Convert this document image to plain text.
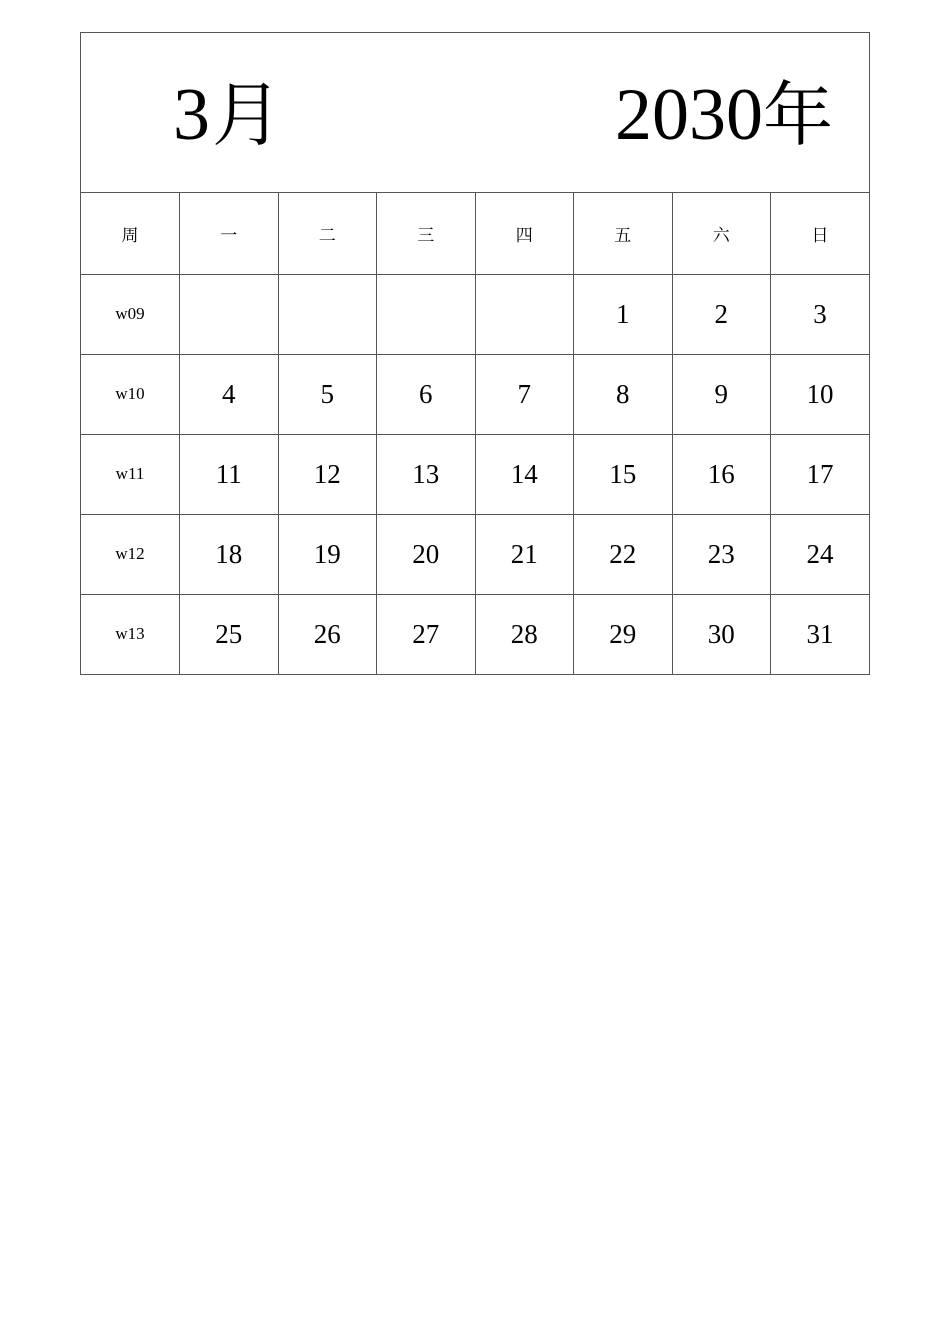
3月	2030年
周	一	二	三	四	五	六	日
w09					1	2	3
w10	4	5	6	7	8	9	10
w11	11	12	13	14	15	16	17
w12	18	19	20	21	22	23	24
w13	25	26	27	28	29	30	31
